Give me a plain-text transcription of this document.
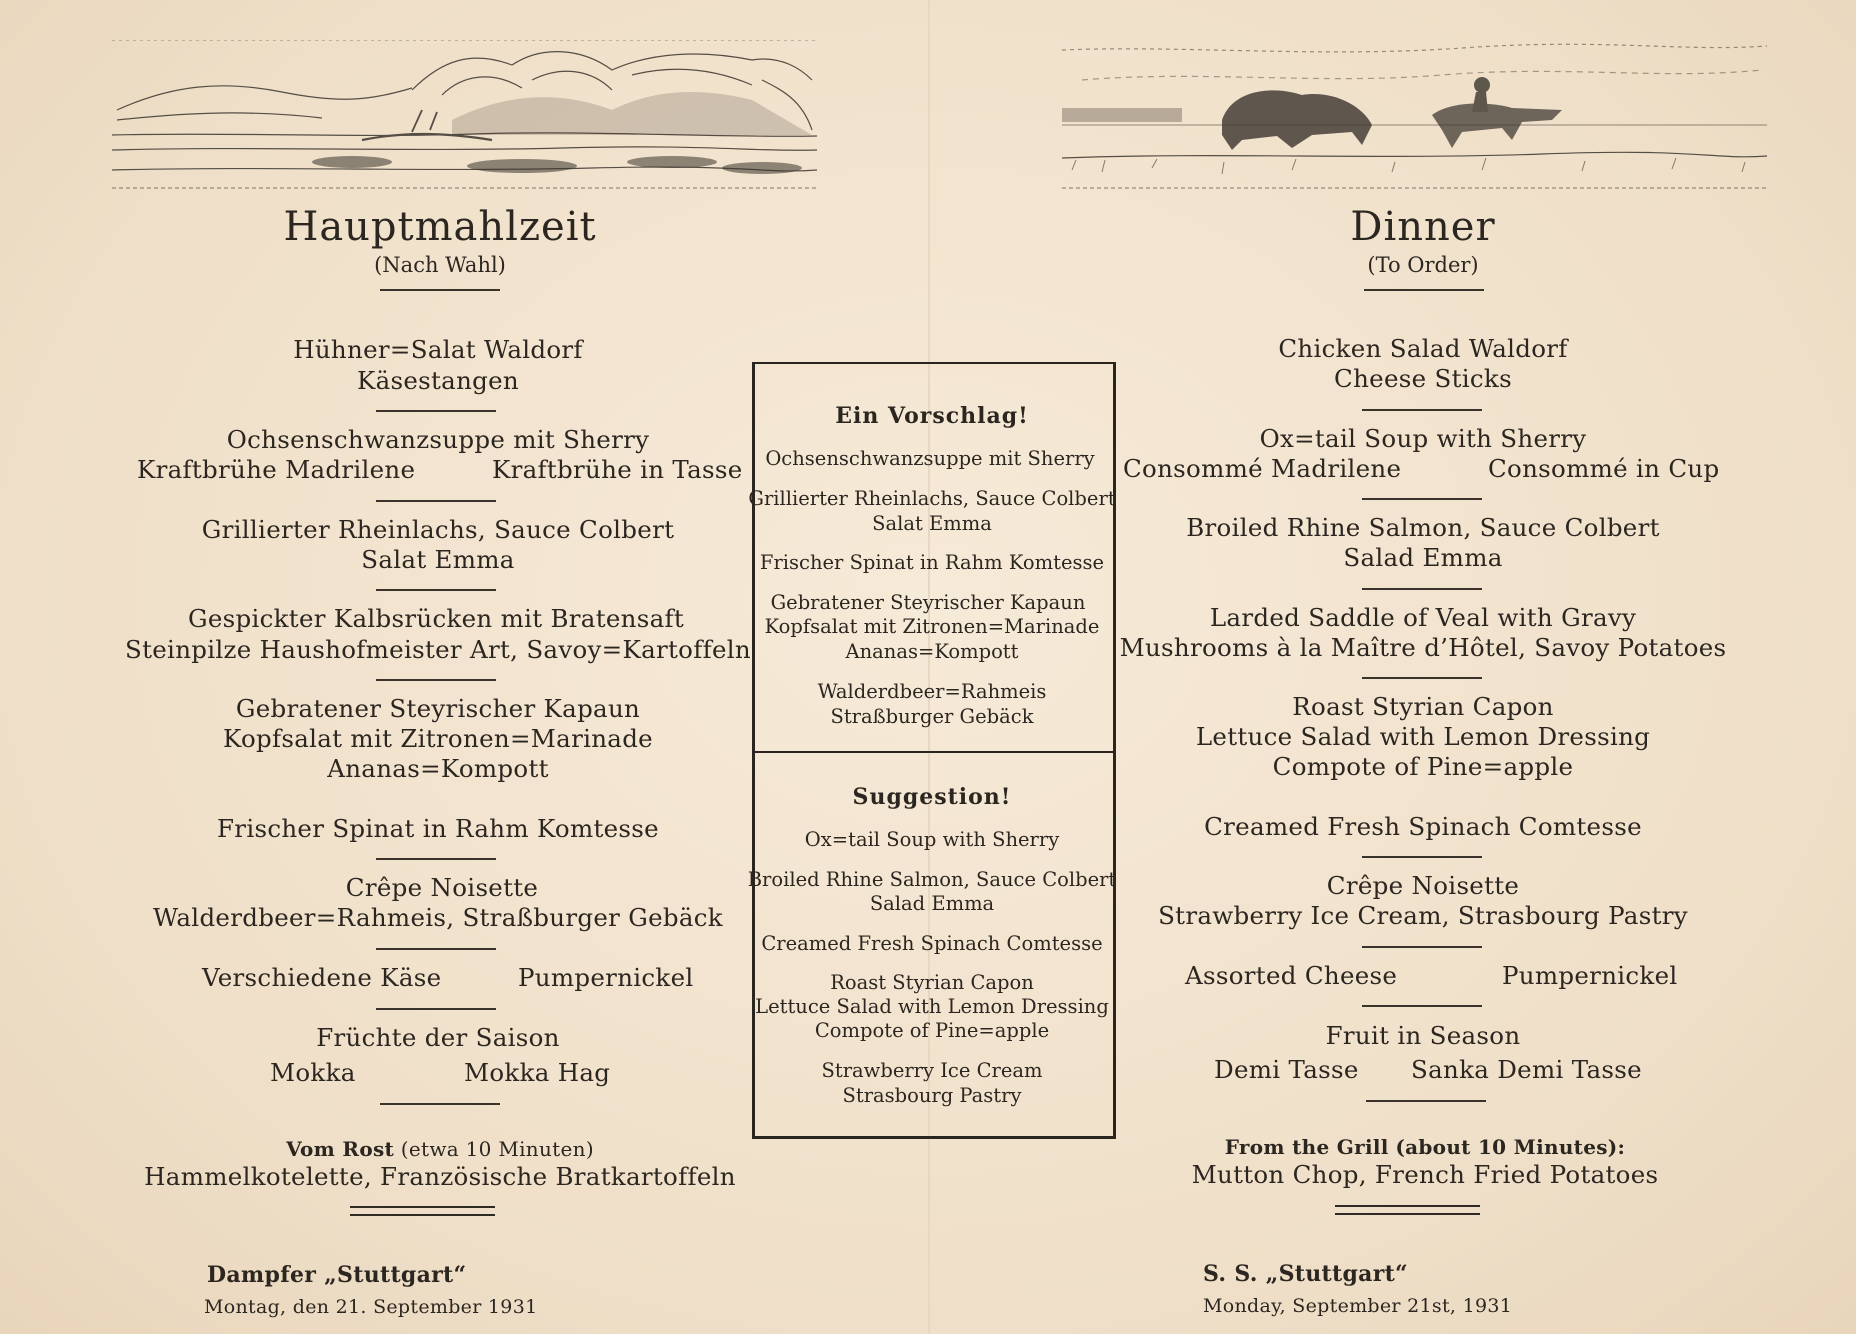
Hauptmahlzeit
(Nach Wahl)
Hühner=Salat Waldorf
Käsestangen
Ochsenschwanzsuppe mit Sherry
Kraftbrühe Madrilene	Kraftbrühe in Tasse
Grillierter Rheinlachs, Sauce Colbert
Salat Emma
Gespickter Kalbsrücken mit Bratensaft
Steinpilze Haushofmeister Art, Savoy=Kartoffeln
Gebratener Steyrischer Kapaun
Kopfsalat mit Zitronen=Marinade
Ananas=Kompott
Frischer Spinat in Rahm Komtesse
Crêpe Noisette
Walderdbeer=Rahmeis, Straßburger Gebäck
Verschiedene Käse	Pumpernickel
Früchte der Saison
Mokka	Mokka Hag
Vom Rost (etwa 10 Minuten)
Hammelkotelette, Französische Bratkartoffeln
Dampfer „Stuttgart“
Montag, den 21. September 1931
Ein Vorschlag!
Ochsenschwanzsuppe mit Sherry
Grillierter Rheinlachs, Sauce Colbert
Salat Emma
Frischer Spinat in Rahm Komtesse
Gebratener Steyrischer Kapaun
Kopfsalat mit Zitronen=Marinade
Ananas=Kompott
Walderdbeer=Rahmeis
Straßburger Gebäck
Suggestion!
Ox=tail Soup with Sherry
Broiled Rhine Salmon, Sauce Colbert
Salad Emma
Creamed Fresh Spinach Comtesse
Roast Styrian Capon
Lettuce Salad with Lemon Dressing
Compote of Pine=apple
Strawberry Ice Cream
Strasbourg Pastry
Dinner
(To Order)
Chicken Salad Waldorf
Cheese Sticks
Ox=tail Soup with Sherry
Consommé Madrilene	Consommé in Cup
Broiled Rhine Salmon, Sauce Colbert
Salad Emma
Larded Saddle of Veal with Gravy
Mushrooms à la Maître d’Hôtel, Savoy Potatoes
Roast Styrian Capon
Lettuce Salad with Lemon Dressing
Compote of Pine=apple
Creamed Fresh Spinach Comtesse
Crêpe Noisette
Strawberry Ice Cream, Strasbourg Pastry
Assorted Cheese	Pumpernickel
Fruit in Season
Demi Tasse Sanka Demi Tasse
From the Grill (about 10 Minutes):
Mutton Chop, French Fried Potatoes
S. S. „Stuttgart“
Monday, September 21st, 1931
